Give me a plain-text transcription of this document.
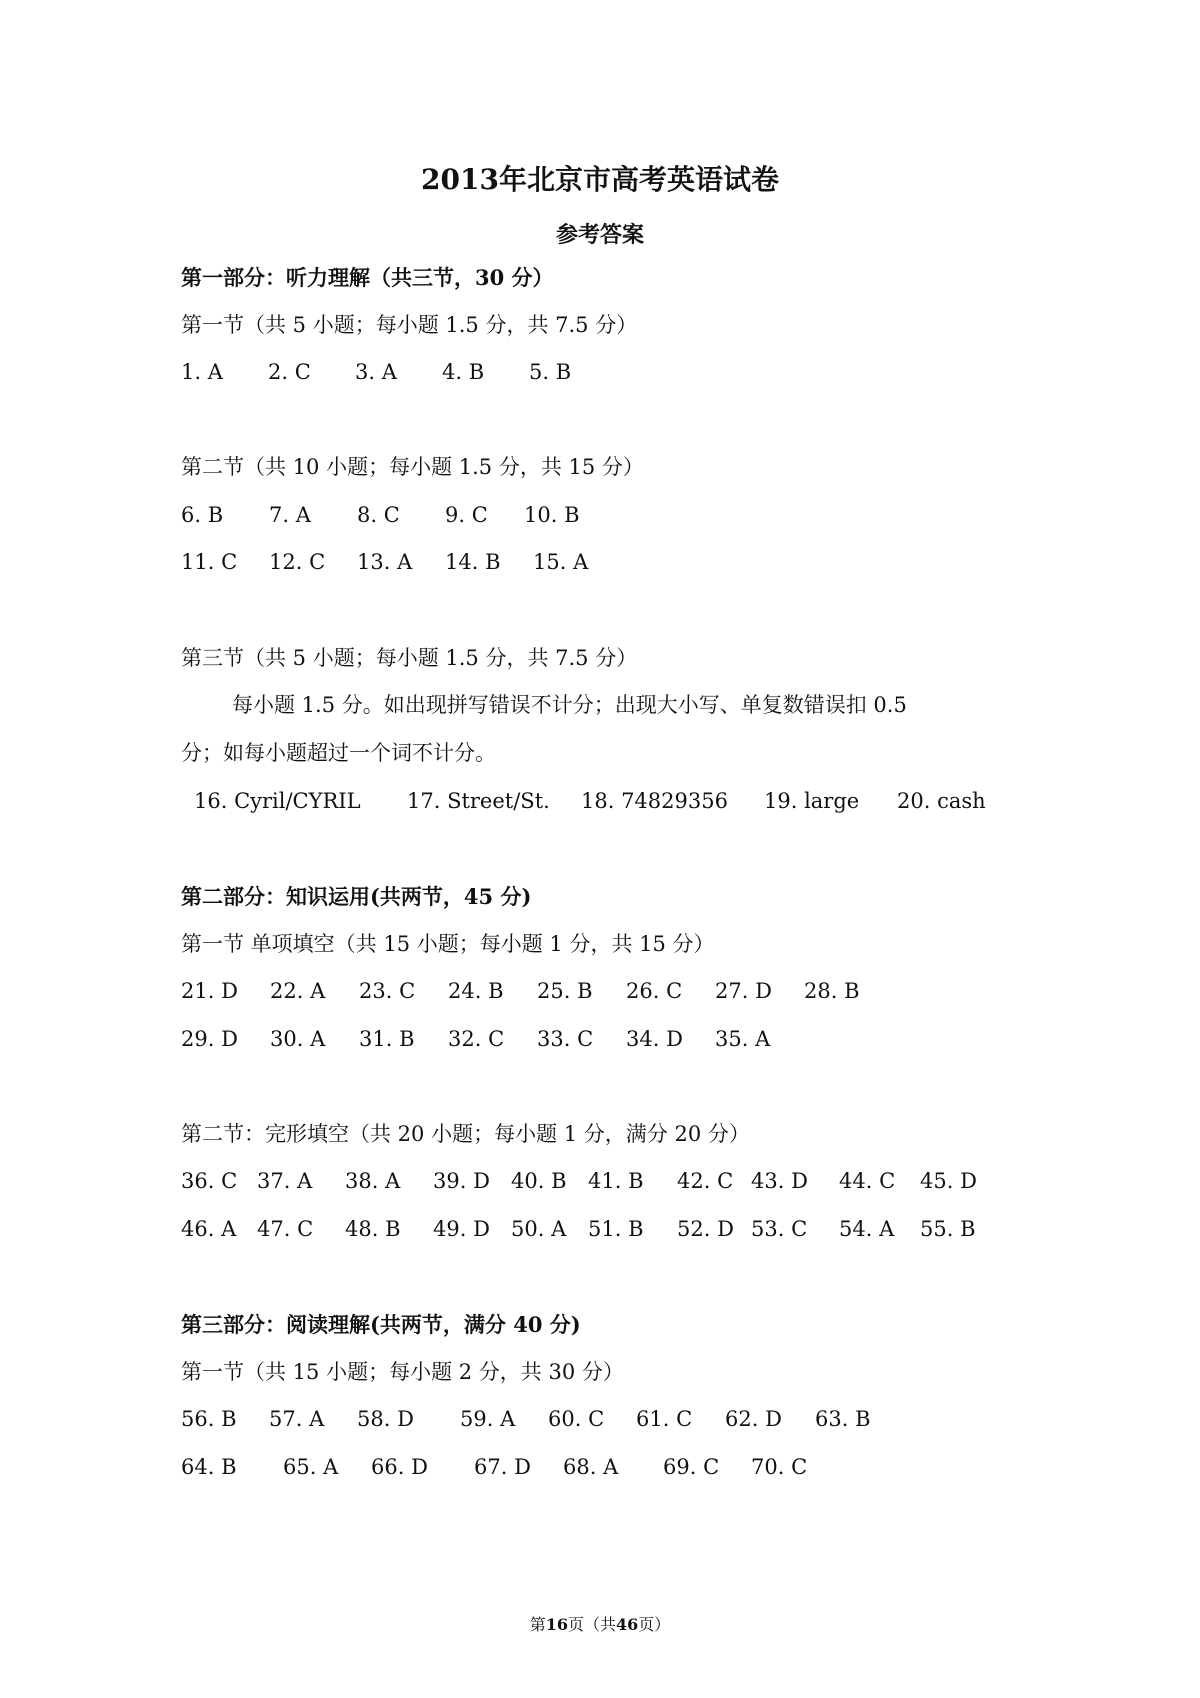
2013年北京市高考英语试卷
参考答案
第一部分：听力理解（共三节，30 分）
第一节（共 5 小题；每小题 1.5 分，共 7.5 分）
1. A	2. C	3. A	4. B	5. B
第二节（共 10 小题；每小题 1.5 分，共 15 分）
6. B	7. A	8. C	9. C	10. B
11. C	12. C	13. A	14. B	15. A
第三节（共 5 小题；每小题 1.5 分，共 7.5 分）
每小题 1.5 分。如出现拼写错误不计分；出现大小写、单复数错误扣 0.5
分；如每小题超过一个词不计分。
16. Cyril/CYRIL	17. Street/St.	18. 74829356	19. large	20. cash
第二部分：知识运用(共两节，45 分)
第一节 单项填空（共 15 小题；每小题 1 分，共 15 分）
21. D	22. A	23. C	24. B	25. B	26. C	27. D	28. B
29. D	30. A	31. B	32. C	33. C	34. D	35. A
第二节：完形填空（共 20 小题；每小题 1 分，满分 20 分）
36. C 37. A	38. A	39. D	40. B	41. B	42. C 43. D	44. C	45. D
46. A 47. C	48. B	49. D	50. A	51. B	52. D 53. C	54. A	55. B
第三部分：阅读理解(共两节，满分 40 分)
第一节（共 15 小题；每小题 2 分，共 30 分）
56. B	57. A	58. D	59. A	60. C	61. C	62. D	63. B
64. B	65. A	66. D	67. D	68. A	69. C	70. C
第16页（共46页）
